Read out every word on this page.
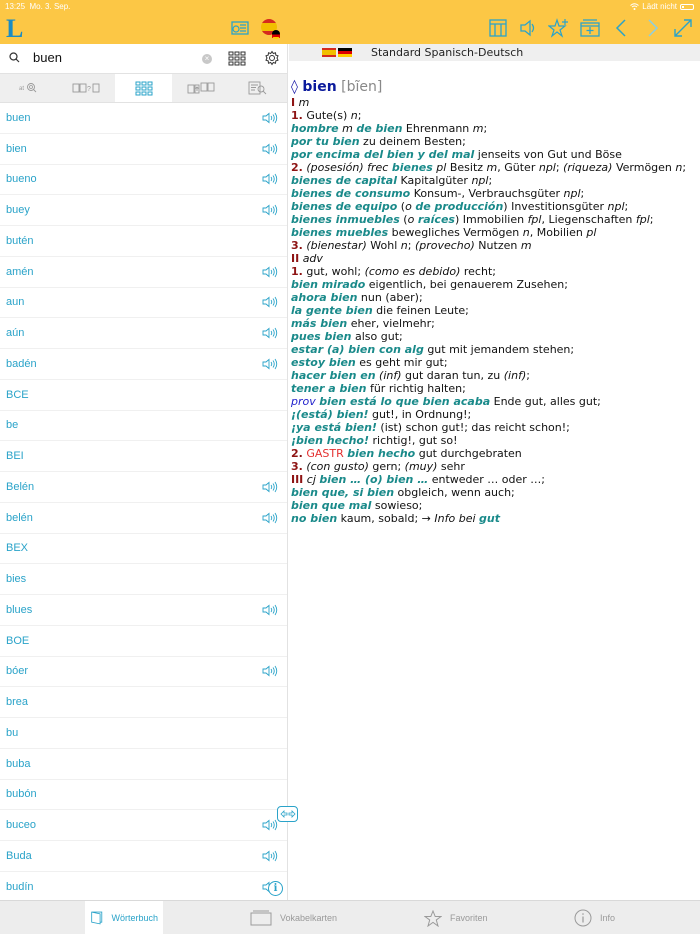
13:25 Mo. 3. Sep.	Lädt nicht
L
buen
×
at	?
buen
bien
bueno
buey
butén
amén
aun
aún
badén
BCE
be
BEI
Belén
belén
BEX
bies
blues
BOE
bóer
brea
bu
buba
bubón
buceo
Buda
budín
Standard Spanisch-Deutsch
◊ bien [bĩen]
I m
1. Gute(s) n;
hombre m de bien Ehrenmann m;
por tu bien zu deinem Besten;
por encima del bien y del mal jenseits von Gut und Böse
2. (posesión) frec bienes pl Besitz m, Güter npl; (riqueza) Vermögen n;
bienes de capital Kapitalgüter npl;
bienes de consumo Konsum-, Verbrauchsgüter npl;
bienes de equipo (o de producción) Investitionsgüter npl;
bienes inmuebles (o raíces) Immobilien fpl, Liegenschaften fpl;
bienes muebles bewegliches Vermögen n, Mobilien pl
3. (bienestar) Wohl n; (provecho) Nutzen m
II adv
1. gut, wohl; (como es debido) recht;
bien mirado eigentlich, bei genauerem Zusehen;
ahora bien nun (aber);
la gente bien die feinen Leute;
más bien eher, vielmehr;
pues bien also gut;
estar (a) bien con alg gut mit jemandem stehen;
estoy bien es geht mir gut;
hacer bien en (inf) gut daran tun, zu (inf);
tener a bien für richtig halten;
prov bien está lo que bien acaba Ende gut, alles gut;
¡(está) bien! gut!, in Ordnung!;
¡ya está bien! (ist) schon gut!; das reicht schon!;
¡bien hecho! richtig!, gut so!
2. GASTR bien hecho gut durchgebraten
3. (con gusto) gern; (muy) sehr
III cj bien … (o) bien … entweder … oder …;
bien que, si bien obgleich, wenn auch;
bien que mal sowieso;
no bien kaum, sobald; → Info bei gut
i
Wörterbuch	Vokabelkarten	Favoriten	Info
